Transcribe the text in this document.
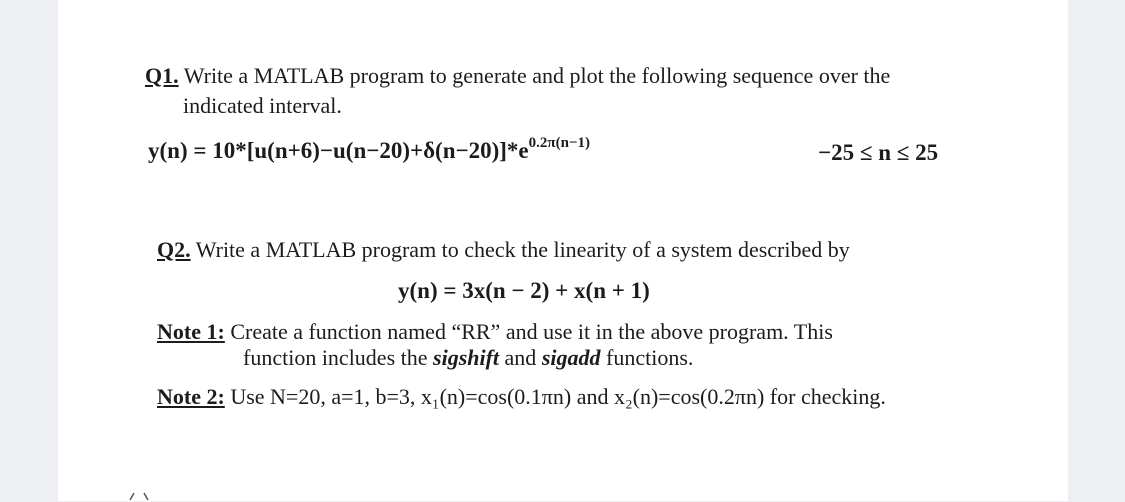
Q1. Write a MATLAB program to generate and plot the following sequence over the
indicated interval.
$y(n) = 10*[u(n+6)-u(n-20)+\delta(n-20)]*e^{0.2\pi(n-1)}$	−25 ≤ n ≤ 25
Q2. Write a MATLAB program to check the linearity of a system described by
y(n) = 3x(n − 2) + x(n + 1)
Note 1: Create a function named “RR” and use it in the above program. This
function includes the sigshift and sigadd functions.
Note 2: Use N=20, a=1, b=3, x₁(n)=cos(0.1πn) and x₂(n)=cos(0.2πn) for checking.
